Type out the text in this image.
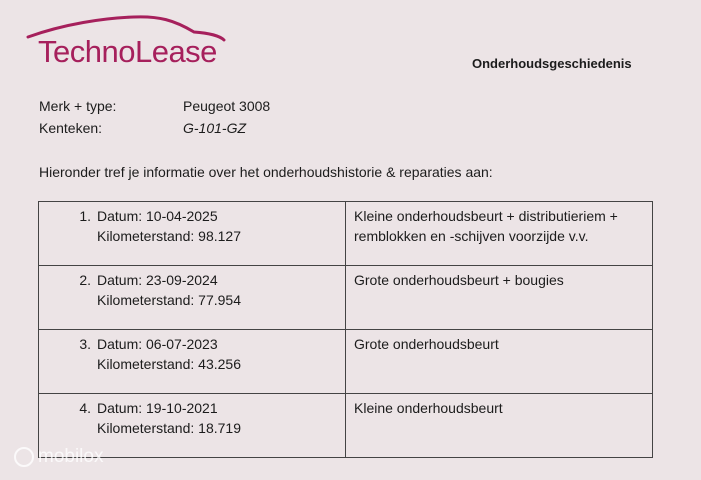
TechnoLease	Onderhoudsgeschiedenis
Merk + type:	Peugeot 3008
Kenteken:	G-101-GZ
Hieronder tref je informatie over het onderhoudshistorie & reparaties aan:
1. Datum: 10-04-2025
Kilometerstand: 98.127	Kleine onderhoudsbeurt + distributieriem + remblokken en -schijven voorzijde v.v.
2. Datum: 23-09-2024
Kilometerstand: 77.954	Grote onderhoudsbeurt + bougies
3. Datum: 06-07-2023
Kilometerstand: 43.256	Grote onderhoudsbeurt
4. Datum: 19-10-2021
Kilometerstand: 18.719	Kleine onderhoudsbeurt
mobilox
